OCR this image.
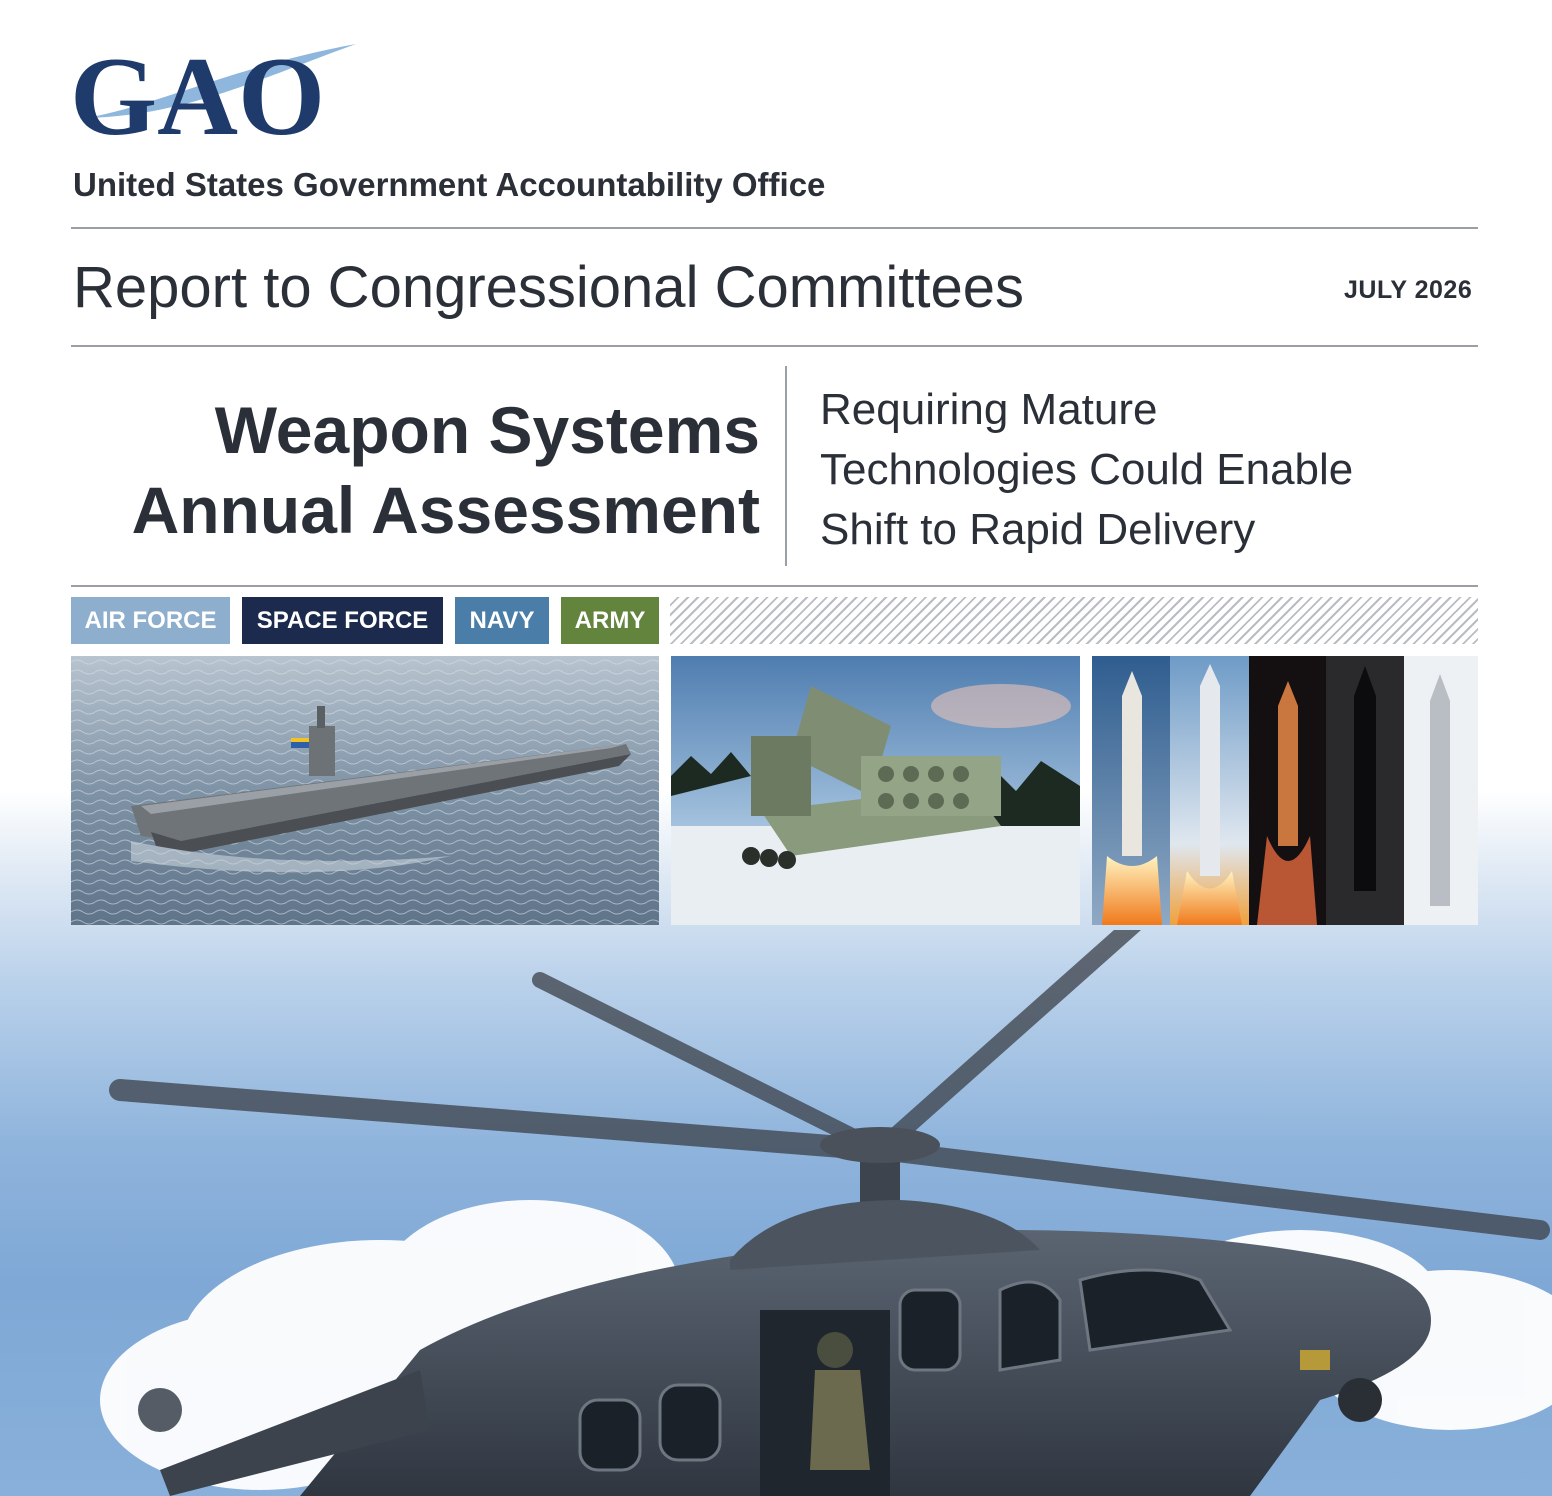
GAO
United States Government Accountability Office
Report to Congressional Committees	JULY 2026
Weapon Systems
Annual Assessment
Requiring Mature
Technologies Could Enable
Shift to Rapid Delivery
AIR FORCE	SPACE FORCE	NAVY	ARMY
